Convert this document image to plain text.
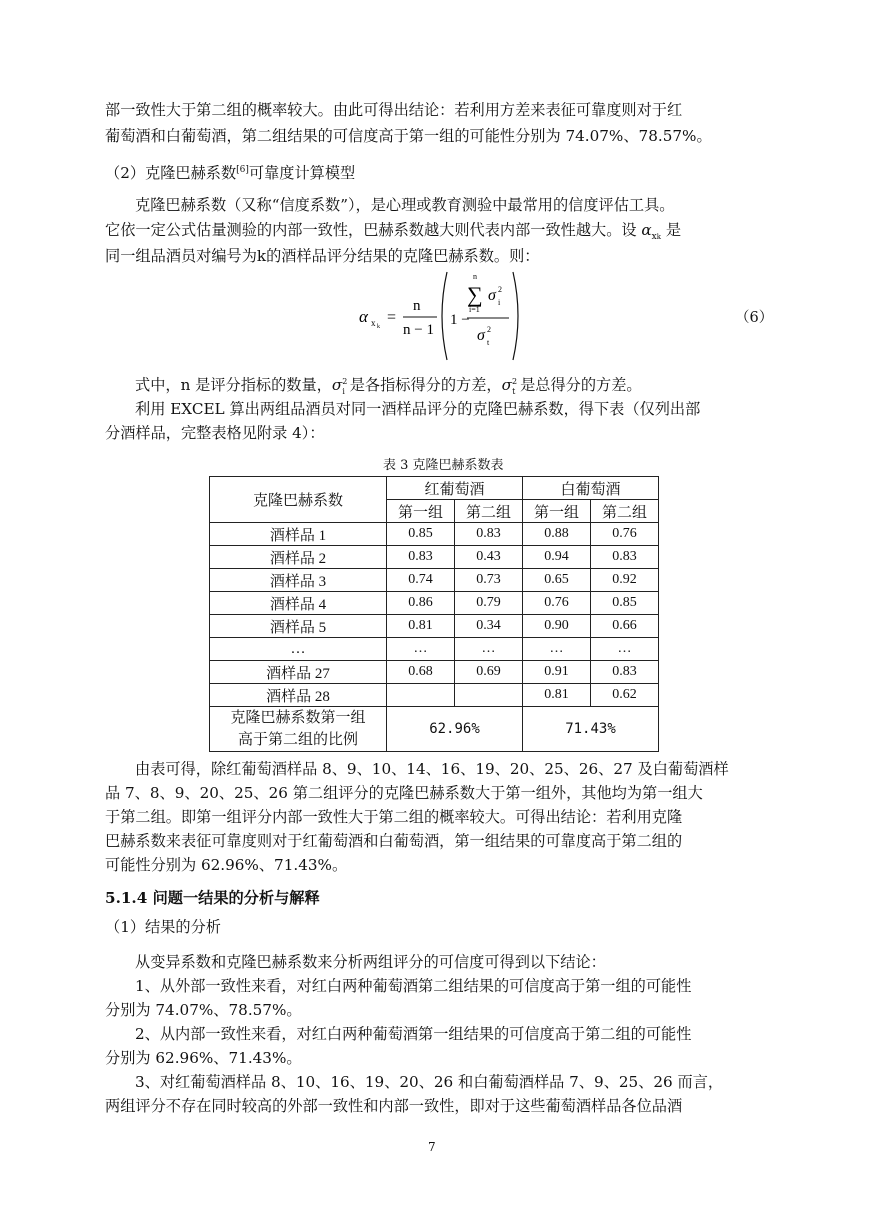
部一致性大于第二组的概率较大。由此可得出结论：若利用方差来表征可靠度则对于红
葡萄酒和白葡萄酒，第二组结果的可信度高于第一组的可能性分别为 74.07%、78.57%。
（2）克隆巴赫系数[6]可靠度计算模型
克隆巴赫系数（又称“信度系数”），是心理或教育测验中最常用的信度评估工具。
它依一定公式估量测验的内部一致性，巴赫系数越大则代表内部一致性越大。设 $\alpha_{xk}$ 是
同一组品酒员对编号为k的酒样品评分结果的克隆巴赫系数。则：
α x k
=
n
n − 1
1 −
n
∑
i=1
σ 2
i
σ 2
t
（6）
式中，n 是评分指标的数量，$\sigma^2_i$ 是各指标得分的方差，$\sigma^2_t$ 是总得分的方差。
利用 EXCEL 算出两组品酒员对同一酒样品评分的克隆巴赫系数，得下表（仅列出部
分酒样品，完整表格见附录 4）：
表 3 克隆巴赫系数表
克隆巴赫系数	红葡萄酒		白葡萄酒	
	第一组	第二组	第一组	第二组
酒样品 1	0.85	0.83	0.88	0.76
酒样品 2	0.83	0.43	0.94	0.83
酒样品 3	0.74	0.73	0.65	0.92
酒样品 4	0.86	0.79	0.76	0.85
酒样品 5	0.81	0.34	0.90	0.66
…	…	…	…	…
酒样品 27	0.68	0.69	0.91	0.83
酒样品 28			0.81	0.62

克隆巴赫系数第一组
高于第二组的比例	62.96%		71.43%	
由表可得，除红葡萄酒样品 8、9、10、14、16、19、20、25、26、27 及白葡萄酒样
品 7、8、9、20、25、26 第二组评分的克隆巴赫系数大于第一组外，其他均为第一组大
于第二组。即第一组评分内部一致性大于第二组的概率较大。可得出结论：若利用克隆
巴赫系数来表征可靠度则对于红葡萄酒和白葡萄酒，第一组结果的可靠度高于第二组的
可能性分别为 62.96%、71.43%。
5.1.4 问题一结果的分析与解释
（1）结果的分析
从变异系数和克隆巴赫系数来分析两组评分的可信度可得到以下结论：
1、从外部一致性来看，对红白两种葡萄酒第二组结果的可信度高于第一组的可能性
分别为 74.07%、78.57%。
2、从内部一致性来看，对红白两种葡萄酒第一组结果的可信度高于第二组的可能性
分别为 62.96%、71.43%。
3、对红葡萄酒样品 8、10、16、19、20、26 和白葡萄酒样品 7、9、25、26 而言，
两组评分不存在同时较高的外部一致性和内部一致性，即对于这些葡萄酒样品各位品酒
7
